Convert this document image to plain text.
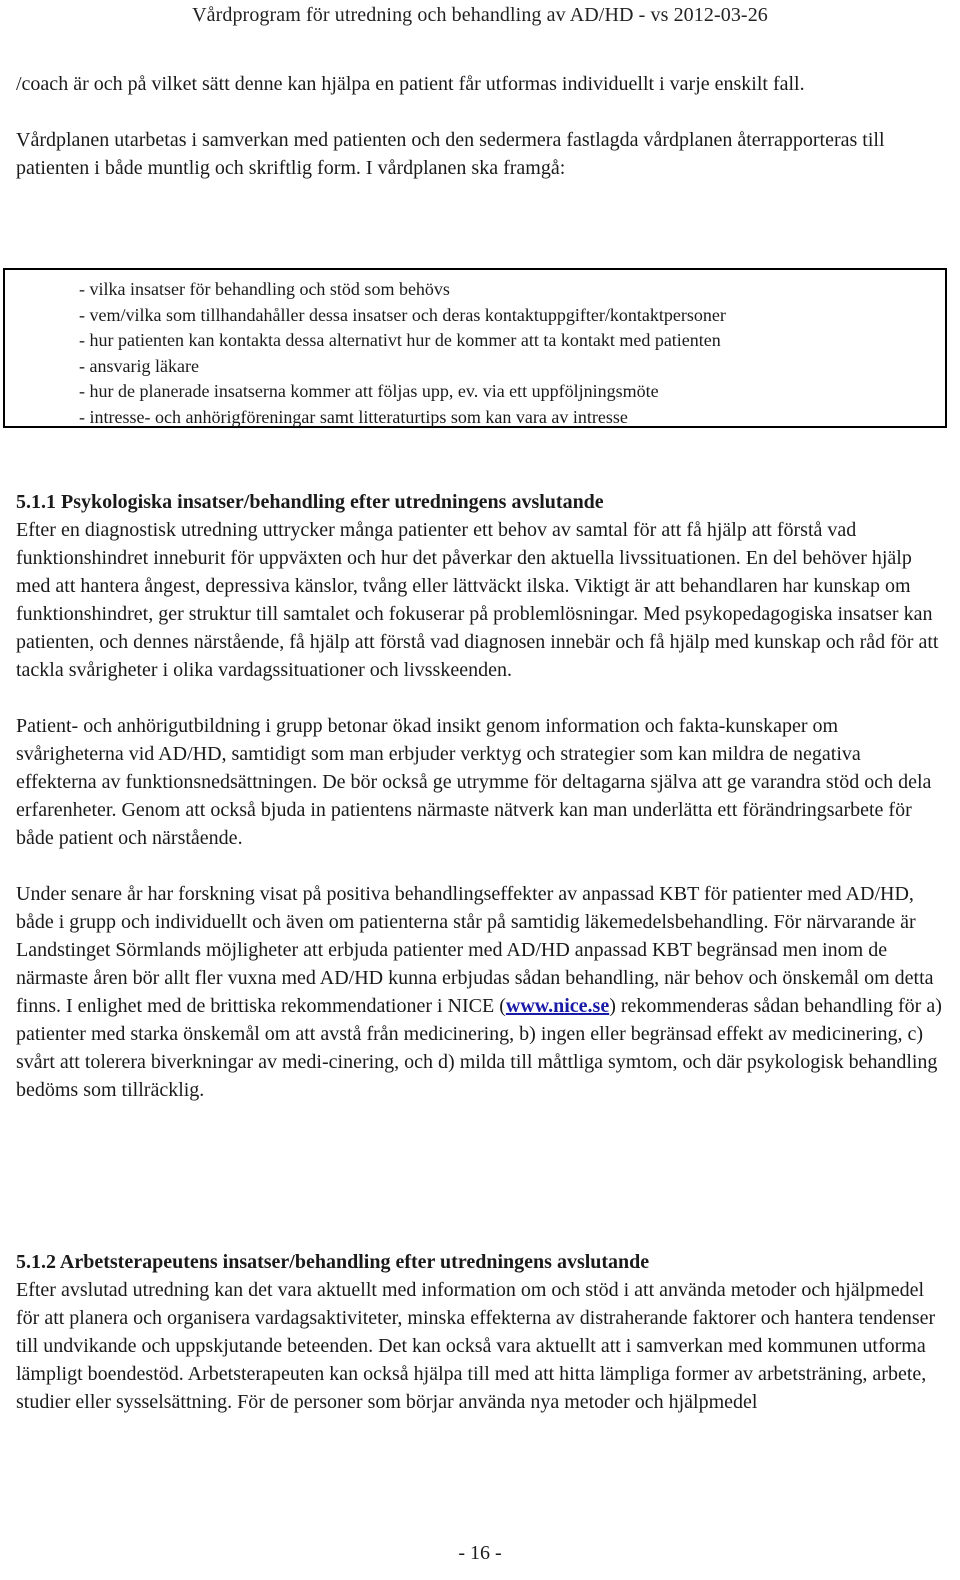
Vårdprogram för utredning och behandling av AD/HD - vs 2012-03-26

/coach är och på vilket sätt denne kan hjälpa en patient får utformas individuellt i varje enskilt fall.

Vårdplanen utarbetas i samverkan med patienten och den sedermera fastlagda vårdplanen återrapporteras till patienten i både muntlig och skriftlig form. I vårdplanen ska framgå:

- vilka insatser för behandling och stöd som behövs
- vem/vilka som tillhandahåller dessa insatser och deras kontaktuppgifter/kontaktpersoner
- hur patienten kan kontakta dessa alternativt hur de kommer att ta kontakt med patienten
- ansvarig läkare
- hur de planerade insatserna kommer att följas upp, ev. via ett uppföljningsmöte
- intresse- och anhörigföreningar samt litteraturtips som kan vara av intresse

5.1.1 Psykologiska insatser/behandling efter utredningens avslutande

Efter en diagnostisk utredning uttrycker många patienter ett behov av samtal för att få hjälp att förstå vad funktionshindret inneburit för uppväxten och hur det påverkar den aktuella livssituationen. En del behöver hjälp med att hantera ångest, depressiva känslor, tvång eller lättväckt ilska. Viktigt är att behandlaren har kunskap om funktionshindret, ger struktur till samtalet och fokuserar på problemlösningar. Med psykopedagogiska insatser kan patienten, och dennes närstående, få hjälp att förstå vad diagnosen innebär och få hjälp med kunskap och råd för att tackla svårigheter i olika vardagssituationer och livsskeenden.

Patient- och anhörigutbildning i grupp betonar ökad insikt genom information och fakta-kunskaper om svårigheterna vid AD/HD, samtidigt som man erbjuder verktyg och strategier som kan mildra de negativa effekterna av funktionsnedsättningen. De bör också ge utrymme för deltagarna själva att ge varandra stöd och dela erfarenheter. Genom att också bjuda in patientens närmaste nätverk kan man underlätta ett förändringsarbete för både patient och närstående.

Under senare år har forskning visat på positiva behandlingseffekter av anpassad KBT för patienter med AD/HD, både i grupp och individuellt och även om patienterna står på samtidig läkemedelsbehandling. För närvarande är Landstinget Sörmlands möjligheter att erbjuda patienter med AD/HD anpassad KBT begränsad men inom de närmaste åren bör allt fler vuxna med AD/HD kunna erbjudas sådan behandling, när behov och önskemål om detta finns. I enlighet med de brittiska rekommendationer i NICE (www.nice.se) rekommenderas sådan behandling för a) patienter med starka önskemål om att avstå från medicinering, b) ingen eller begränsad effekt av medicinering, c) svårt att tolerera biverkningar av medi-cinering, och d) milda till måttliga symtom, och där psykologisk behandling bedöms som tillräcklig.

5.1.2 Arbetsterapeutens insatser/behandling efter utredningens avslutande

Efter avslutad utredning kan det vara aktuellt med information om och stöd i att använda metoder och hjälpmedel för att planera och organisera vardagsaktiviteter, minska effekterna av distraherande faktorer och hantera tendenser till undvikande och uppskjutande beteenden. Det kan också vara aktuellt att i samverkan med kommunen utforma lämpligt boendestöd. Arbetsterapeuten kan också hjälpa till med att hitta lämpliga former av arbetsträning, arbete, studier eller sysselsättning. För de personer som börjar använda nya metoder och hjälpmedel

- 16 -
